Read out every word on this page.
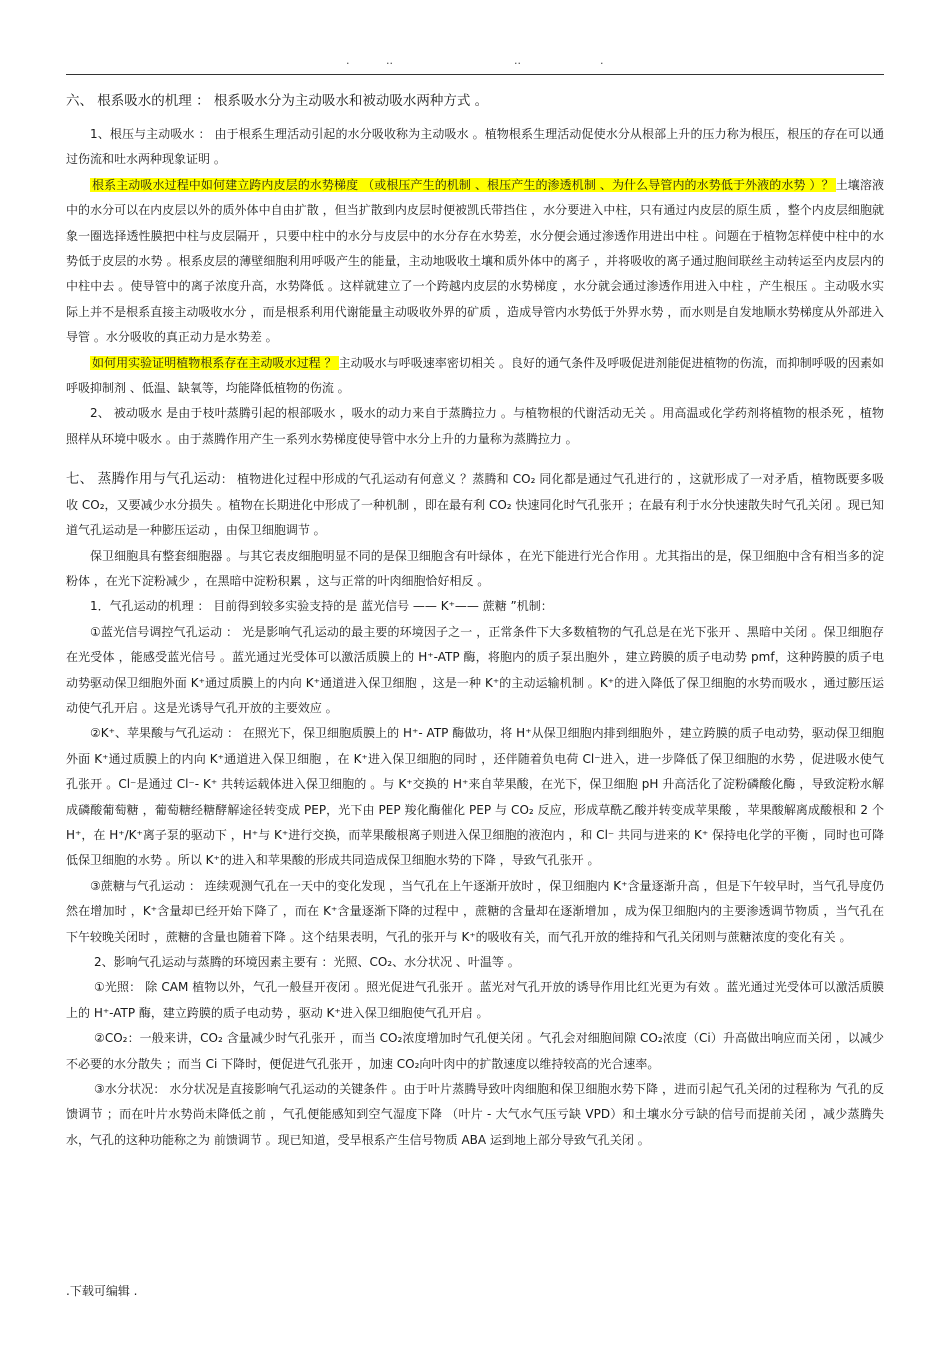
.	..	..	.

六、 根系吸水的机理 ： 根系吸水分为主动吸水和被动吸水两种方式 。

1、根压与主动吸水 ： 由于根系生理活动引起的水分吸收称为主动吸水 。植物根系生理活动促使水分从根部上升的压力称为根压，根压的存在可以通过伤流和吐水两种现象证明 。

根系主动吸水过程中如何建立跨内皮层的水势梯度 （或根压产生的机制 、根压产生的渗透机制 、为什么导管内的水势低于外液的水势 ）？ 土壤溶液中的水分可以在内皮层以外的质外体中自由扩散 ，但当扩散到内皮层时便被凯氏带挡住 ，水分要进入中柱，只有通过内皮层的原生质 ，整个内皮层细胞就象一圈选择透性膜把中柱与皮层隔开 ，只要中柱中的水分与皮层中的水分存在水势差，水分便会通过渗透作用进出中柱 。问题在于植物怎样使中柱中的水势低于皮层的水势 。根系皮层的薄壁细胞利用呼吸产生的能量，主动地吸收土壤和质外体中的离子 ，并将吸收的离子通过胞间联丝主动转运至内皮层内的中柱中去 。使导管中的离子浓度升高，水势降低 。这样就建立了一个跨越内皮层的水势梯度 ，水分就会通过渗透作用进入中柱 ，产生根压 。主动吸水实际上并不是根系直接主动吸收水分 ，而是根系利用代谢能量主动吸收外界的矿质 ，造成导管内水势低于外界水势 ，而水则是自发地顺水势梯度从外部进入导管 。水分吸收的真正动力是水势差 。

如何用实验证明植物根系存在主动吸水过程 ？ 主动吸水与呼吸速率密切相关 。良好的通气条件及呼吸促进剂能促进植物的伤流，而抑制呼吸的因素如呼吸抑制剂 、低温、缺氧等，均能降低植物的伤流 。

2、 被动吸水 是由于枝叶蒸腾引起的根部吸水 ，吸水的动力来自于蒸腾拉力 。与植物根的代谢活动无关 。用高温或化学药剂将植物的根杀死 ，植物照样从环境中吸水 。由于蒸腾作用产生一系列水势梯度使导管中水分上升的力量称为蒸腾拉力 。

七、 蒸腾作用与气孔运动： 植物进化过程中形成的气孔运动有何意义 ？蒸腾和 CO₂ 同化都是通过气孔进行的 ，这就形成了一对矛盾，植物既要多吸收 CO₂，又要减少水分损失 。植物在长期进化中形成了一种机制 ，即在最有利 CO₂ 快速同化时气孔张开 ；在最有利于水分快速散失时气孔关闭 。现已知道气孔运动是一种膨压运动 ，由保卫细胞调节 。

保卫细胞具有整套细胞器 。与其它表皮细胞明显不同的是保卫细胞含有叶绿体 ，在光下能进行光合作用 。尤其指出的是，保卫细胞中含有相当多的淀粉体 ，在光下淀粉减少 ，在黑暗中淀粉积累 ，这与正常的叶肉细胞恰好相反 。

1．气孔运动的机理 ： 目前得到较多实验支持的是 蓝光信号 —— K⁺—— 蔗糖 ”机制：

①蓝光信号调控气孔运动 ： 光是影响气孔运动的最主要的环境因子之一 ，正常条件下大多数植物的气孔总是在光下张开 、黑暗中关闭 。保卫细胞存在光受体 ，能感受蓝光信号 。蓝光通过光受体可以激活质膜上的 H⁺-ATP 酶，将胞内的质子泵出胞外 ，建立跨膜的质子电动势 pmf，这种跨膜的质子电动势驱动保卫细胞外面 K⁺通过质膜上的内向 K⁺通道进入保卫细胞 ，这是一种 K⁺的主动运输机制 。K⁺的进入降低了保卫细胞的水势而吸水 ，通过膨压运动使气孔开启 。这是光诱导气孔开放的主要效应 。

②K⁺、苹果酸与气孔运动 ： 在照光下，保卫细胞质膜上的 H⁺- ATP 酶做功，将 H⁺从保卫细胞内排到细胞外 ，建立跨膜的质子电动势，驱动保卫细胞外面 K⁺通过质膜上的内向 K⁺通道进入保卫细胞 ，在 K⁺进入保卫细胞的同时 ，还伴随着负电荷 Cl⁻进入，进一步降低了保卫细胞的水势 ，促进吸水使气孔张开 。Cl⁻是通过 Cl⁻- K⁺ 共转运载体进入保卫细胞的 。与 K⁺交换的 H⁺来自苹果酸，在光下，保卫细胞 pH 升高活化了淀粉磷酸化酶 ，导致淀粉水解成磷酸葡萄糖 ，葡萄糖经糖酵解途径转变成 PEP，光下由 PEP 羧化酶催化 PEP 与 CO₂ 反应，形成草酰乙酸并转变成苹果酸 ，苹果酸解离成酸根和 2 个 H⁺，在 H⁺/K⁺离子泵的驱动下 ，H⁺与 K⁺进行交换，而苹果酸根离子则进入保卫细胞的液泡内 ，和 Cl⁻ 共同与进来的 K⁺ 保持电化学的平衡 ，同时也可降低保卫细胞的水势 。所以 K⁺的进入和苹果酸的形成共同造成保卫细胞水势的下降 ，导致气孔张开 。

③蔗糖与气孔运动 ： 连续观测气孔在一天中的变化发现 ，当气孔在上午逐渐开放时 ，保卫细胞内 K⁺含量逐渐升高 ，但是下午较早时，当气孔导度仍然在增加时 ，K⁺含量却已经开始下降了 ，而在 K⁺含量逐渐下降的过程中 ，蔗糖的含量却在逐渐增加 ，成为保卫细胞内的主要渗透调节物质 ，当气孔在下午较晚关闭时 ，蔗糖的含量也随着下降 。这个结果表明，气孔的张开与 K⁺的吸收有关，而气孔开放的维持和气孔关闭则与蔗糖浓度的变化有关 。

2、影响气孔运动与蒸腾的环境因素主要有 ：光照、CO₂、水分状况 、叶温等 。

①光照： 除 CAM 植物以外，气孔一般昼开夜闭 。照光促进气孔张开 。蓝光对气孔开放的诱导作用比红光更为有效 。蓝光通过光受体可以激活质膜上的 H⁺-ATP 酶，建立跨膜的质子电动势 ，驱动 K⁺进入保卫细胞使气孔开启 。

②CO₂：一般来讲，CO₂ 含量减少时气孔张开 ，而当 CO₂浓度增加时气孔便关闭 。气孔会对细胞间隙 CO₂浓度（Ci）升高做出响应而关闭 ，以减少不必要的水分散失 ；而当 Ci 下降时，便促进气孔张开 ，加速 CO₂向叶肉中的扩散速度以维持较高的光合速率。

③水分状况： 水分状况是直接影响气孔运动的关键条件 。由于叶片蒸腾导致叶肉细胞和保卫细胞水势下降 ，进而引起气孔关闭的过程称为 气孔的反馈调节 ；而在叶片水势尚未降低之前 ，气孔便能感知到空气湿度下降 （叶片 - 大气水气压亏缺 VPD）和土壤水分亏缺的信号而提前关闭 ，减少蒸腾失水，气孔的这种功能称之为 前馈调节 。现已知道，受旱根系产生信号物质 ABA 运到地上部分导致气孔关闭 。

.下载可编辑 .
